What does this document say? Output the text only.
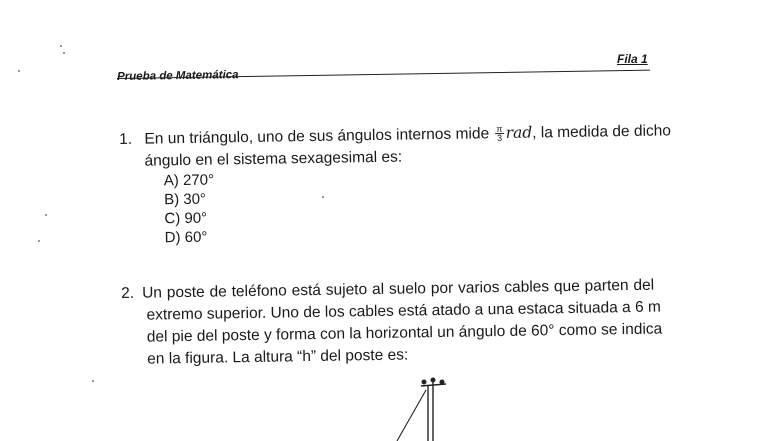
Fila 1
Prueba de Matemática
1. En un triángulo, uno de sus ángulos internos mide $\frac{\pi}{3}$ rad, la medida de dicho
ángulo en el sistema sexagesimal es:
A) 270°
B) 30°
C) 90°
D) 60°
2. Un poste de teléfono está sujeto al suelo por varios cables que parten del
extremo superior. Uno de los cables está atado a una estaca situada a 6 m
del pie del poste y forma con la horizontal un ángulo de 60° como se indica
en la figura. La altura “h” del poste es:
